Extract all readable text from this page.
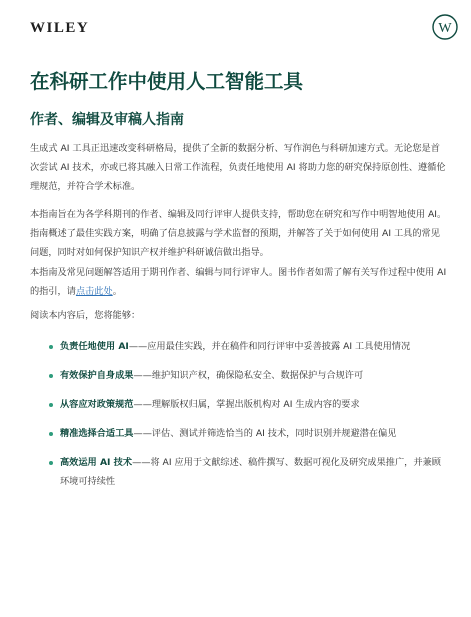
WILEY	W
在科研工作中使用人工智能工具
作者、编辑及审稿人指南

生成式 AI 工具正迅速改变科研格局，提供了全新的数据分析、写作润色与科研加速方式。无论您是首次尝试 AI 技术，亦或已将其融入日常工作流程，负责任地使用 AI 将助力您的研究保持原创性、遵循伦理规范，并符合学术标准。

本指南旨在为各学科期刊的作者、编辑及同行评审人提供支持，帮助您在研究和写作中明智地使用 AI。指南概述了最佳实践方案，明确了信息披露与学术监督的预期，并解答了关于如何使用 AI 工具的常见问题，同时对如何保护知识产权并维护科研诚信做出指导。

本指南及常见问题解答适用于期刊作者、编辑与同行评审人。图书作者如需了解有关写作过程中使用 AI 的指引，请点击此处。

阅读本内容后，您将能够：

负责任地使用 AI——应用最佳实践，并在稿件和同行评审中妥善披露 AI 工具使用情况
有效保护自身成果——维护知识产权，确保隐私安全、数据保护与合规许可
从容应对政策规范——理解版权归属，掌握出版机构对 AI 生成内容的要求
精准选择合适工具——评估、测试并筛选恰当的 AI 技术，同时识别并规避潜在偏见
高效运用 AI 技术——将 AI 应用于文献综述、稿件撰写、数据可视化及研究成果推广，并兼顾环境可持续性
